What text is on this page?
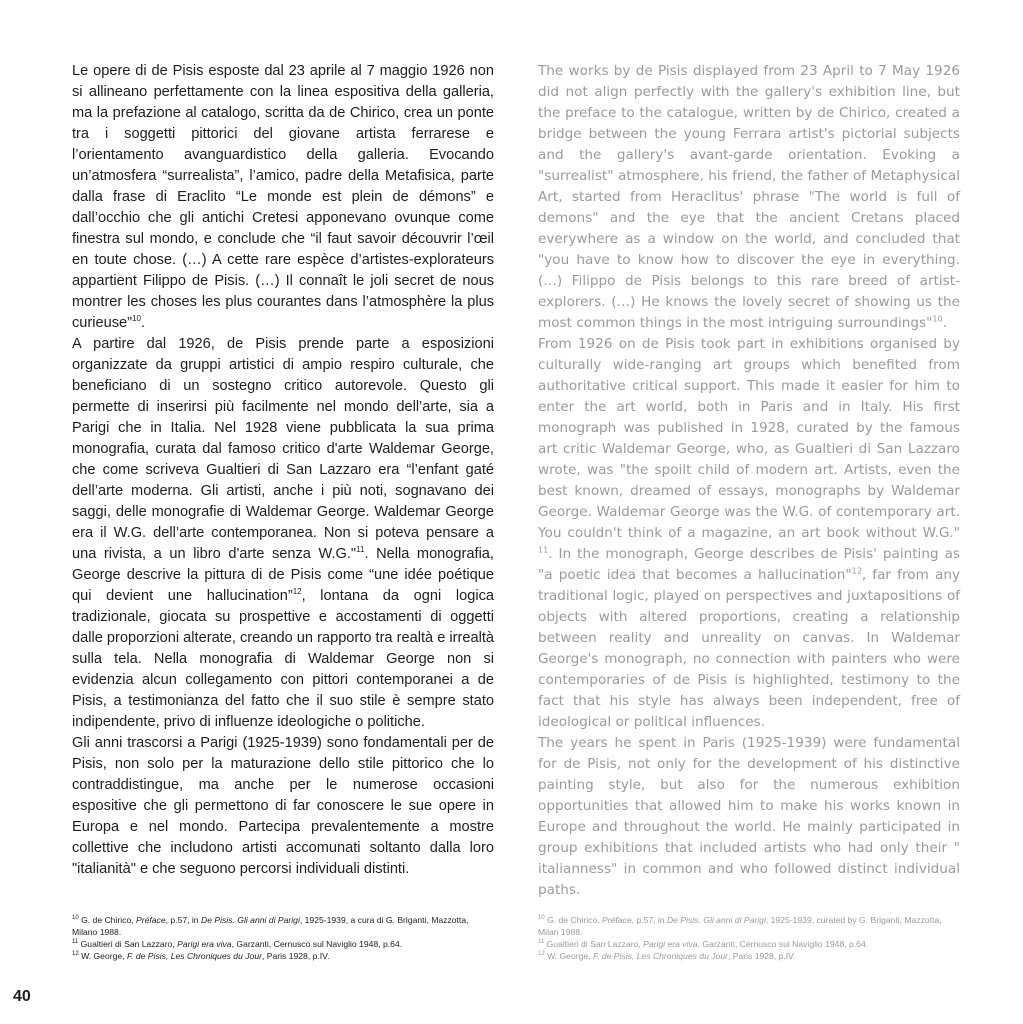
Le opere di de Pisis esposte dal 23 aprile al 7 maggio 1926 non si allineano perfettamente con la linea espositiva della galleria, ma la prefazione al catalogo, scritta da de Chirico, crea un ponte tra i soggetti pittorici del giovane artista ferrarese e l’orientamento avanguardistico della galleria. Evocando un’atmosfera “surrealista”, l’amico, padre della Metafisica, parte dalla frase di Eraclito “Le monde est plein de démons” e dall’occhio che gli antichi Cretesi apponevano ovunque come finestra sul mondo, e conclude che “il faut savoir découvrir l’œil en toute chose. (…) A cette rare espèce d’artistes-explorateurs appartient Filippo de Pisis. (…) Il connaît le joli secret de nous montrer les choses les plus courantes dans l’atmosphère la plus curieuse”$^{10}$.

A partire dal 1926, de Pisis prende parte a esposizioni organizzate da gruppi artistici di ampio respiro culturale, che beneficiano di un sostegno critico autorevole. Questo gli permette di inserirsi più facilmente nel mondo dell’arte, sia a Parigi che in Italia. Nel 1928 viene pubblicata la sua prima monografia, curata dal famoso critico d'arte Waldemar George, che come scriveva Gualtieri di San Lazzaro era “l’enfant gaté dell’arte moderna. Gli artisti, anche i più noti, sognavano dei saggi, delle monografie di Waldemar George. Waldemar George era il W.G. dell’arte contemporanea. Non si poteva pensare a una rivista, a un libro d'arte senza W.G."$^{11}$. Nella monografia, George descrive la pittura di de Pisis come “une idée poétique qui devient une hallucination”$^{12}$, lontana da ogni logica tradizionale, giocata su prospettive e accostamenti di oggetti dalle proporzioni alterate, creando un rapporto tra realtà e irrealtà sulla tela. Nella monografia di Waldemar George non si evidenzia alcun collegamento con pittori contemporanei a de Pisis, a testimonianza del fatto che il suo stile è sempre stato indipendente, privo di influenze ideologiche o politiche.

Gli anni trascorsi a Parigi (1925-1939) sono fondamentali per de Pisis, non solo per la maturazione dello stile pittorico che lo contraddistingue, ma anche per le numerose occasioni espositive che gli permettono di far conoscere le sue opere in Europa e nel mondo. Partecipa prevalentemente a mostre collettive che includono artisti accomunati soltanto dalla loro "italianità" e che seguono percorsi individuali distinti.

The works by de Pisis displayed from 23 April to 7 May 1926 did not align perfectly with the gallery's exhibition line, but the preface to the catalogue, written by de Chirico, created a bridge between the young Ferrara artist's pictorial subjects and the gallery's avant-garde orientation. Evoking a "surrealist" atmosphere, his friend, the father of Metaphysical Art, started from Heraclitus' phrase "The world is full of demons" and the eye that the ancient Cretans placed everywhere as a window on the world, and concluded that "you have to know how to discover the eye in everything. (…) Filippo de Pisis belongs to this rare breed of artist-explorers. (…) He knows the lovely secret of showing us the most common things in the most intriguing surroundings"$^{10}$.

From 1926 on de Pisis took part in exhibitions organised by culturally wide-ranging art groups which benefited from authoritative critical support. This made it easier for him to enter the art world, both in Paris and in Italy. His first monograph was published in 1928, curated by the famous art critic Waldemar George, who, as Gualtieri di San Lazzaro wrote, was "the spoilt child of modern art. Artists, even the best known, dreamed of essays, monographs by Waldemar George. Waldemar George was the W.G. of contemporary art. You couldn't think of a magazine, an art book without W.G." $^{11}$. In the monograph, George describes de Pisis' painting as "a poetic idea that becomes a hallucination"$^{12}$, far from any traditional logic, played on perspectives and juxtapositions of objects with altered proportions, creating a relationship between reality and unreality on canvas. In Waldemar George's monograph, no connection with painters who were contemporaries of de Pisis is highlighted, testimony to the fact that his style has always been independent, free of ideological or political influences.

The years he spent in Paris (1925-1939) were fundamental for de Pisis, not only for the development of his distinctive painting style, but also for the numerous exhibition opportunities that allowed him to make his works known in Europe and throughout the world. He mainly participated in group exhibitions that included artists who had only their " italianness" in common and who followed distinct individual paths.

$^{10}$ G. de Chirico, Préface, p.57, in De Pisis. Gli anni di Parigi, 1925-1939, a cura di G. Briganti, Mazzotta, Milano 1988.

$^{11}$ Gualtieri di San Lazzaro, Parigi era viva, Garzanti, Cernusco sul Naviglio 1948, p.64.

$^{12}$ W. George, F. de Pisis, Les Chroniques du Jour, Paris 1928, p.IV.

$^{10}$ G. de Chirico, Préface, p.57, in De Pisis. Gli anni di Parigi, 1925-1939, curated by G. Briganti, Mazzotta, Milan 1988.

$^{11}$ Gualtieri di San Lazzaro, Parigi era viva, Garzanti, Cernusco sul Naviglio 1948, p.64.

$^{12}$ W. George, F. de Pisis, Les Chroniques du Jour, Paris 1928, p.IV.

40
